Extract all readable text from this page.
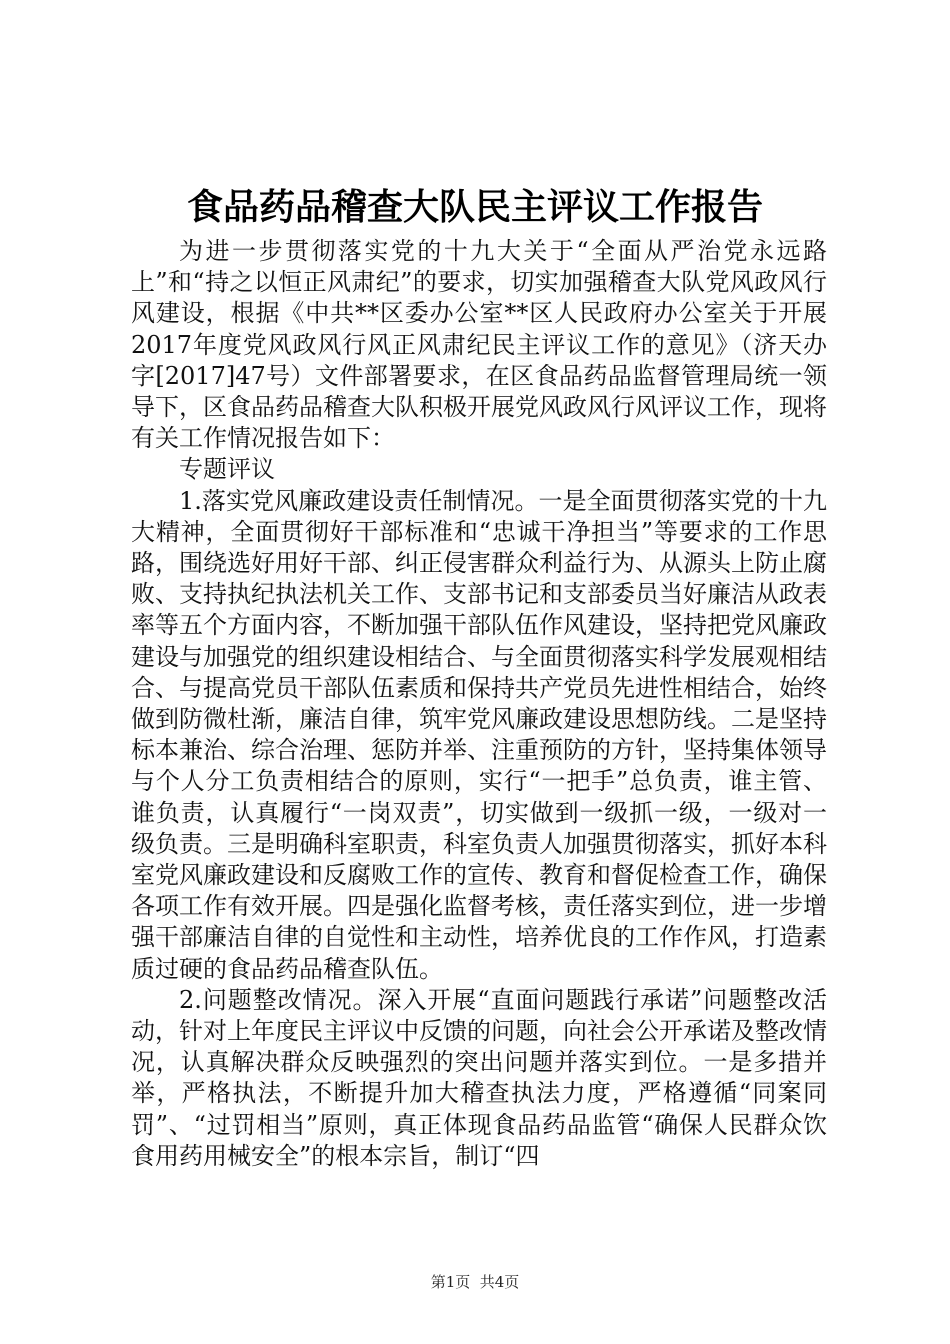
食品药品稽查大队民主评议工作报告

为进一步贯彻落实党的十九大关于“全面从严治党永远路上”和“持之以恒正风肃纪”的要求，切实加强稽查大队党风政风行风建设，根据《中共**区委办公室**区人民政府办公室关于开展2017年度党风政风行风正风肃纪民主评议工作的意见》（济天办字[2017]47号）文件部署要求，在区食品药品监督管理局统一领导下，区食品药品稽查大队积极开展党风政风行风评议工作，现将有关工作情况报告如下：

专题评议

1.落实党风廉政建设责任制情况。一是全面贯彻落实党的十九大精神，全面贯彻好干部标准和“忠诚干净担当”等要求的工作思路，围绕选好用好干部、纠正侵害群众利益行为、从源头上防止腐败、支持执纪执法机关工作、支部书记和支部委员当好廉洁从政表率等五个方面内容，不断加强干部队伍作风建设，坚持把党风廉政建设与加强党的组织建设相结合、与全面贯彻落实科学发展观相结合、与提高党员干部队伍素质和保持共产党员先进性相结合，始终做到防微杜渐，廉洁自律，筑牢党风廉政建设思想防线。二是坚持标本兼治、综合治理、惩防并举、注重预防的方针，坚持集体领导与个人分工负责相结合的原则，实行“一把手”总负责，谁主管、谁负责，认真履行“一岗双责”，切实做到一级抓一级，一级对一级负责。三是明确科室职责，科室负责人加强贯彻落实，抓好本科室党风廉政建设和反腐败工作的宣传、教育和督促检查工作，确保各项工作有效开展。四是强化监督考核，责任落实到位，进一步增强干部廉洁自律的自觉性和主动性，培养优良的工作作风，打造素质过硬的食品药品稽查队伍。

2.问题整改情况。深入开展“直面问题践行承诺”问题整改活动，针对上年度民主评议中反馈的问题，向社会公开承诺及整改情况，认真解决群众反映强烈的突出问题并落实到位。一是多措并举，严格执法，不断提升加大稽查执法力度，严格遵循“同案同罚”、“过罚相当”原则，真正体现食品药品监管“确保人民群众饮食用药用械安全”的根本宗旨，制订“四

第1页  共4页
